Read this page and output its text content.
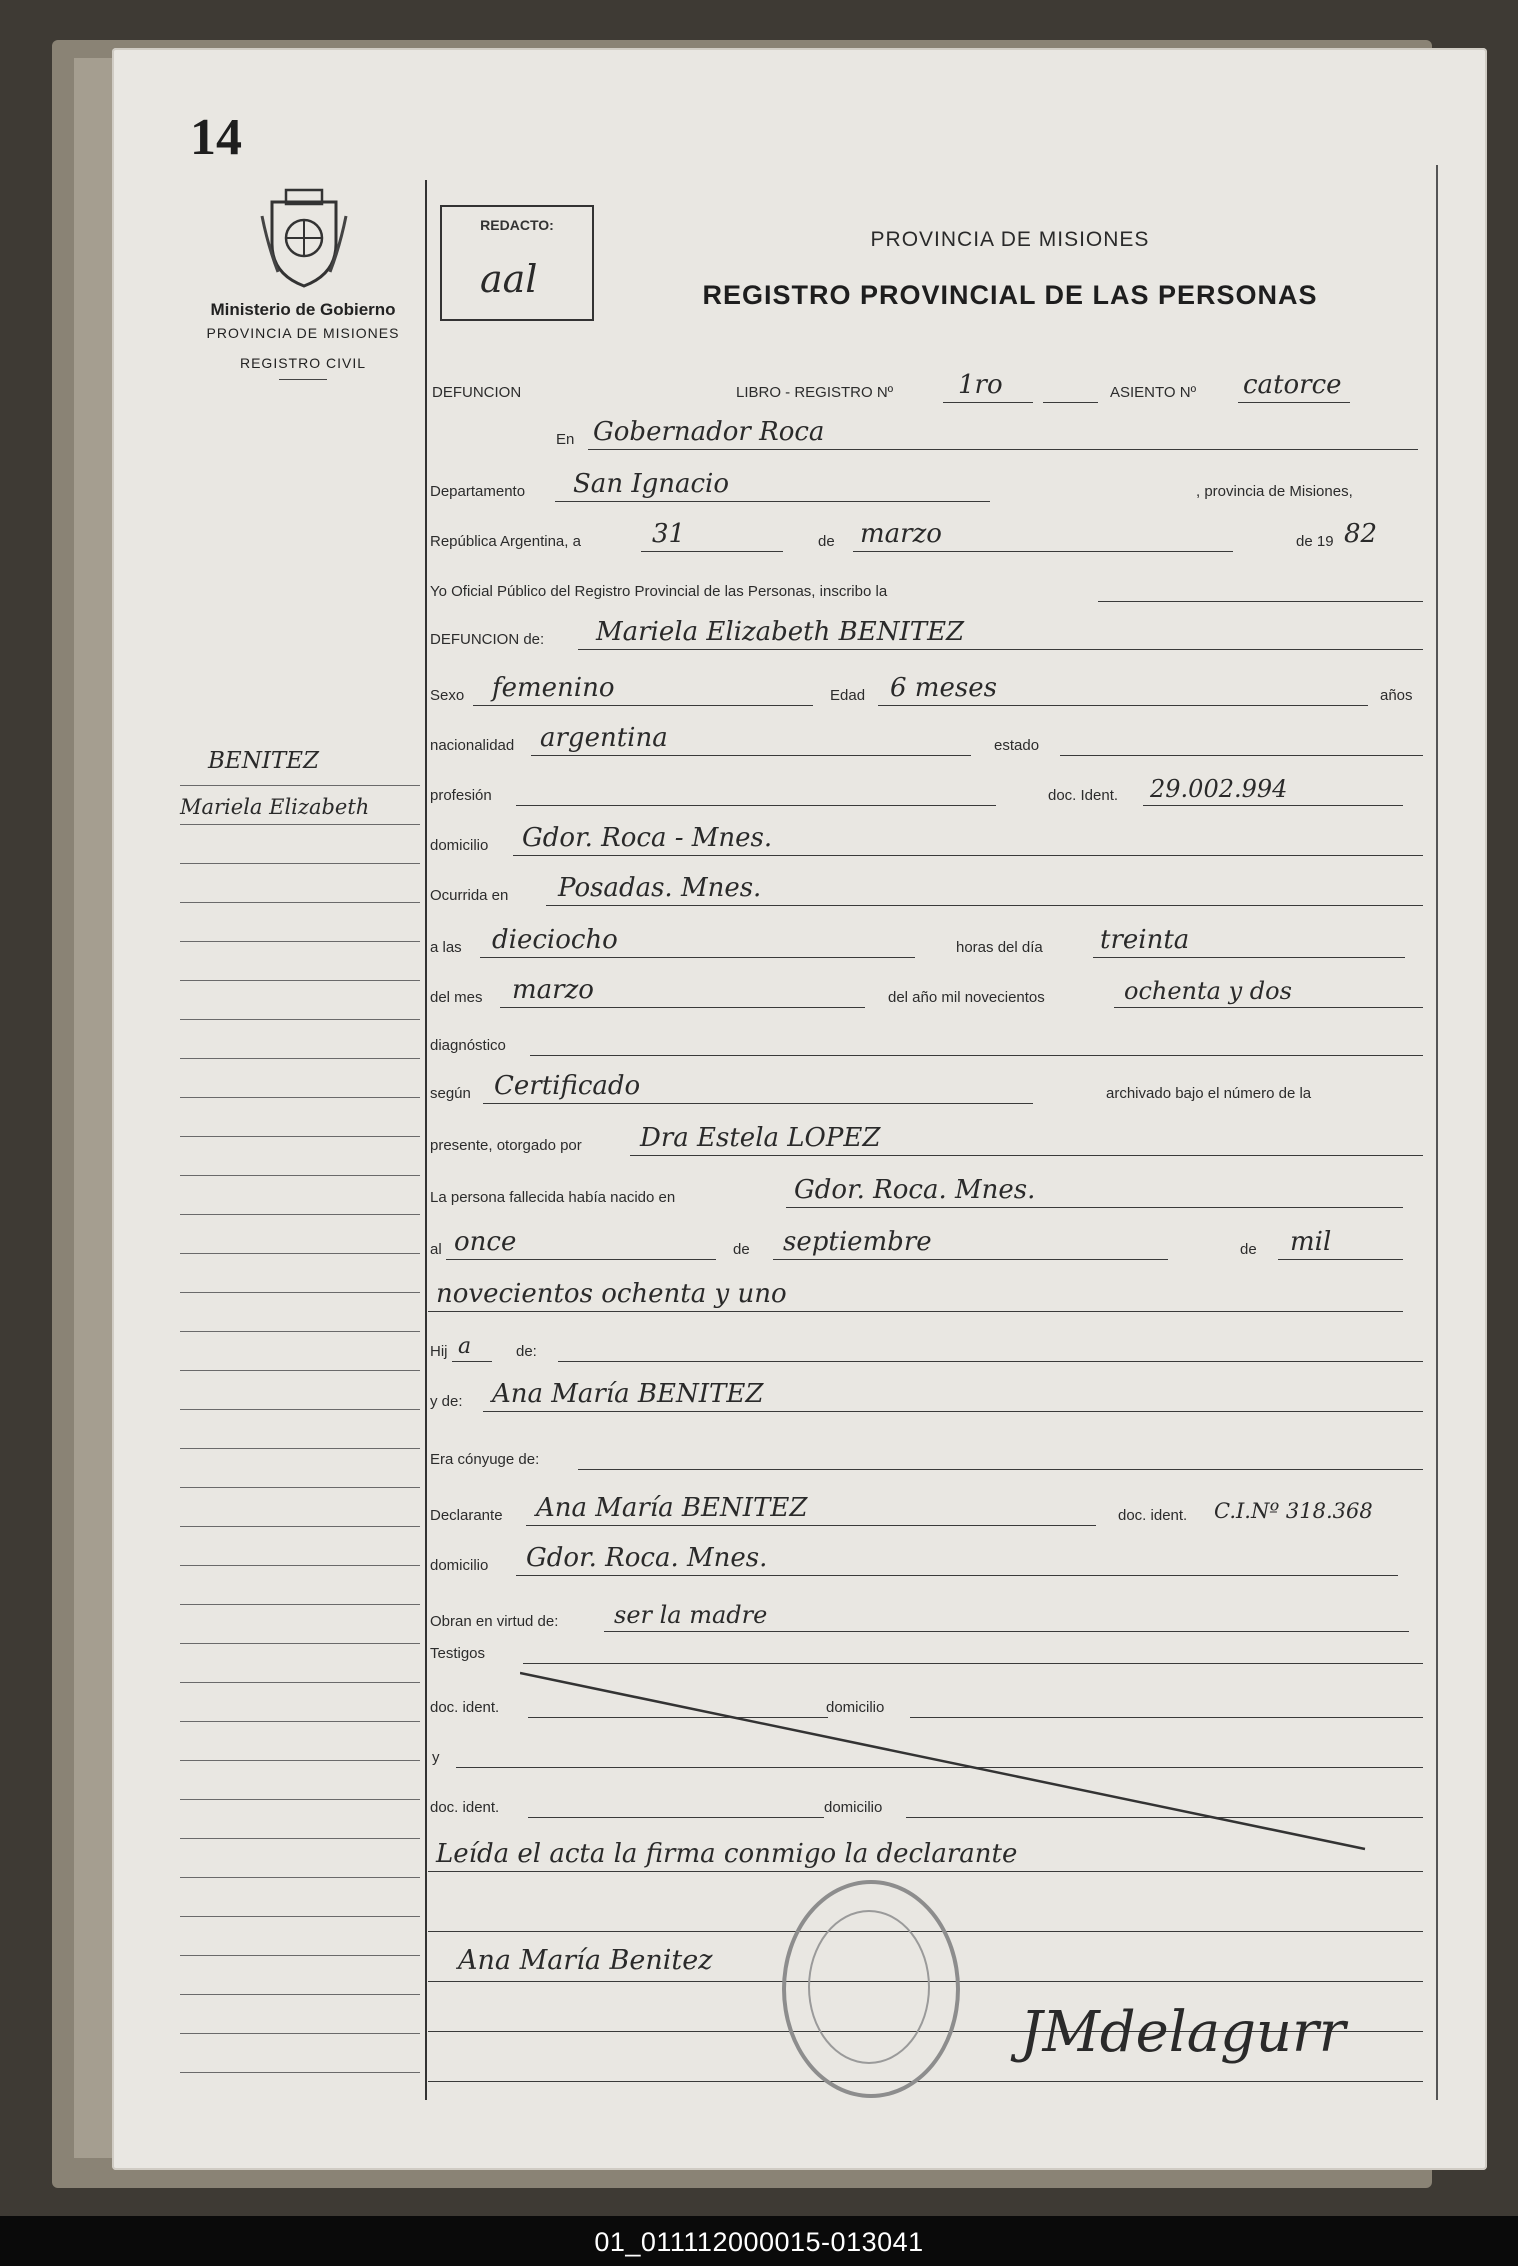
14
Ministerio de Gobierno
PROVINCIA DE MISIONES
REGISTRO CIVIL
BENITEZ
Mariela Elizabeth
REDACTO:
aal
PROVINCIA DE MISIONES
REGISTRO PROVINCIAL DE LAS PERSONAS
DEFUNCION	LIBRO - REGISTRO Nº 1ro	ASIENTO Nº catorce
En Gobernador Roca
Departamento San Ignacio	, provincia de Misiones,
República Argentina, a	31	de marzo	de 19 82
Yo Oficial Público del Registro Provincial de las Personas, inscribo la
DEFUNCION de: Mariela Elizabeth BENITEZ
Sexo femenino	Edad 6 meses	años
nacionalidad argentina	estado
profesión	doc. Ident. 29.002.994
domicilio Gdor. Roca - Mnes.
Ocurrida en Posadas. Mnes.
a las dieciocho	horas del día treinta
del mes marzo	del año mil novecientos	ochenta y dos
diagnóstico
según Certificado	archivado bajo el número de la
presente, otorgado por Dra Estela LOPEZ
La persona fallecida había nacido en	Gdor. Roca. Mnes.
al once	de septiembre	de mil
novecientos ochenta y uno
Hij a	de:
y de: Ana María BENITEZ
Era cónyuge de:
Declarante Ana María BENITEZ	doc. ident. C.I.Nº 318.368
domicilio Gdor. Roca. Mnes.
Obran en virtud de: ser la madre
Testigos
doc. ident.	domicilio
y
doc. ident.	domicilio
Leída el acta la firma conmigo la declarante
Ana María Benitez
JMdelagurr
01_011112000015-013041
